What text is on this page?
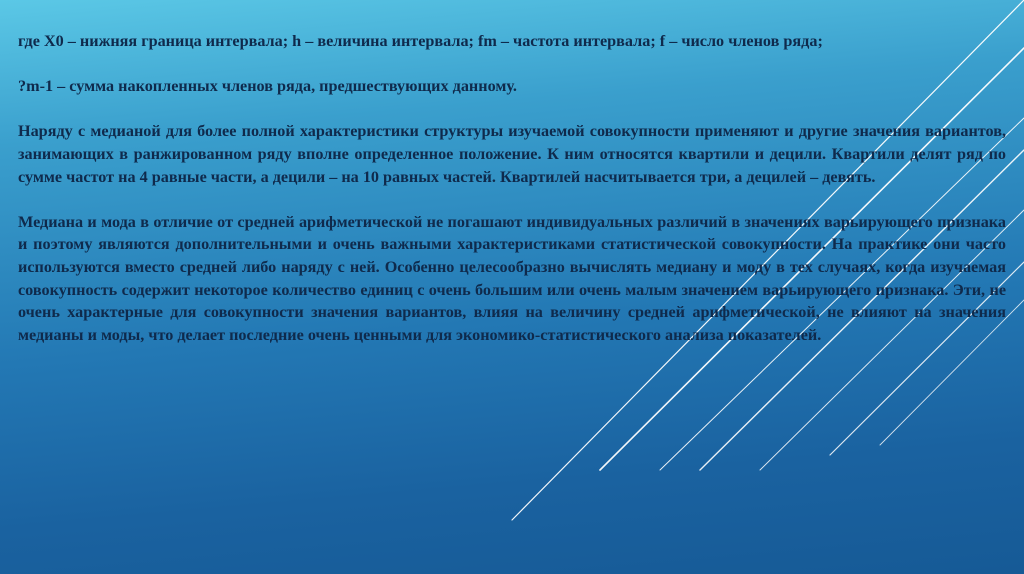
где X0 – нижняя граница интервала; h – величина интервала; fm – частота интервала; f – число членов ряда;

?m-1 – сумма накопленных членов ряда, предшествующих данному.

Наряду с медианой для более полной характеристики структуры изучаемой совокупности применяют и другие значения вариантов, занимающих в ранжированном ряду вполне определенное положение. К ним относятся квартили и децили. Квартили делят ряд по сумме частот на 4 равные части, а децили – на 10 равных частей. Квартилей насчитывается три, а децилей – девять.

Медиана и мода в отличие от средней арифметической не погашают индивидуальных различий в значениях варьирующего признака и поэтому являются дополнительными и очень важными характеристиками статистической совокупности. На практике они часто используются вместо средней либо наряду с ней. Особенно целесообразно вычислять медиану и моду в тех случаях, когда изучаемая совокупность содержит некоторое количество единиц с очень большим или очень малым значением варьирующего признака. Эти, не очень характерные для совокупности значения вариантов, влияя на величину средней арифметической, не влияют на значения медианы и моды, что делает последние очень ценными для экономико-статистического анализа показателей.
